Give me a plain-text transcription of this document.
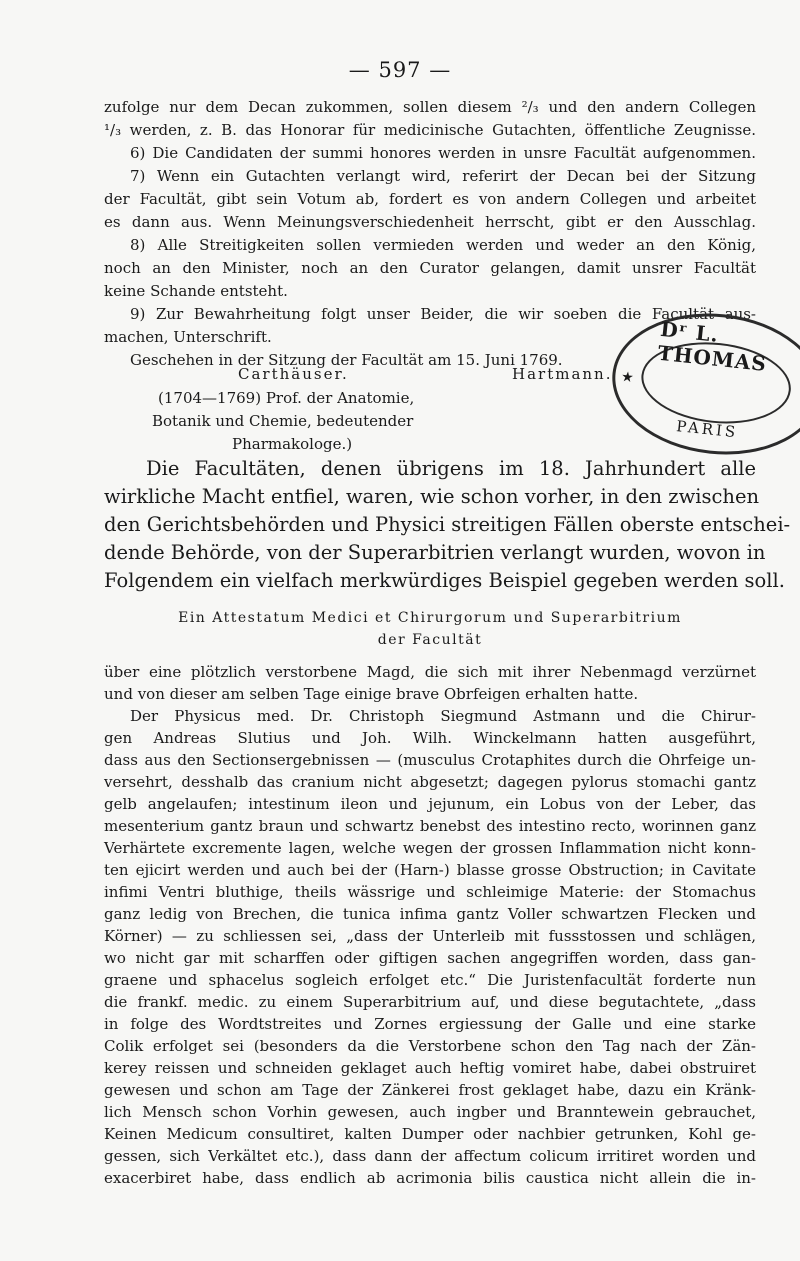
— 597 —
zufolge nur dem Decan zukommen, sollen diesem ²/₃ und den andern Collegen
¹/₃ werden, z. B. das Honorar für medicinische Gutachten, öffentliche Zeugnisse.
6) Die Candidaten der summi honores werden in unsre Facultät aufgenommen.
7) Wenn ein Gutachten verlangt wird, referirt der Decan bei der Sitzung
der Facultät, gibt sein Votum ab, fordert es von andern Collegen und arbeitet
es dann aus. Wenn Meinungsverschiedenheit herrscht, gibt er den Ausschlag.
8) Alle Streitigkeiten sollen vermieden werden und weder an den König,
noch an den Minister, noch an den Curator gelangen, damit unsrer Facultät
keine Schande entsteht.
9) Zur Bewahrheitung folgt unser Beider, die wir soeben die Facultät aus-
machen, Unterschrift.
Geschehen in der Sitzung der Facultät am 15. Juni 1769.
Carthäuser.	Hartmann.
(1704—1769) Prof. der Anatomie,
Botanik und Chemie, bedeutender
Pharmakologe.)
Dʳ L. THOMAS
★
PARIS
Die Facultäten, denen übrigens im 18. Jahrhundert alle
wirkliche Macht entfiel, waren, wie schon vorher, in den zwischen
den Gerichtsbehörden und Physici streitigen Fällen oberste entschei-
dende Behörde, von der Superarbitrien verlangt wurden, wovon in
Folgendem ein vielfach merkwürdiges Beispiel gegeben werden soll.
Ein Attestatum Medici et Chirurgorum und Superarbitrium
der Facultät
über eine plötzlich verstorbene Magd, die sich mit ihrer Nebenmagd verzürnet
und von dieser am selben Tage einige brave Obrfeigen erhalten hatte.
Der Physicus med. Dr. Christoph Siegmund Astmann und die Chirur-
gen Andreas Slutius und Joh. Wilh. Winckelmann hatten ausgeführt,
dass aus den Sectionsergebnissen — (musculus Crotaphites durch die Ohrfeige un-
versehrt, desshalb das cranium nicht abgesetzt; dagegen pylorus stomachi gantz
gelb angelaufen; intestinum ileon und jejunum, ein Lobus von der Leber, das
mesenterium gantz braun und schwartz benebst des intestino recto, worinnen ganz
Verhärtete excremente lagen, welche wegen der grossen Inflammation nicht konn-
ten ejicirt werden und auch bei der (Harn-) blasse grosse Obstruction; in Cavitate
infimi Ventri bluthige, theils wässrige und schleimige Materie: der Stomachus
ganz ledig von Brechen, die tunica infima gantz Voller schwartzen Flecken und
Körner) — zu schliessen sei, „dass der Unterleib mit fussstossen und schlägen,
wo nicht gar mit scharffen oder giftigen sachen angegriffen worden, dass gan-
graene und sphacelus sogleich erfolget etc.“ Die Juristenfacultät forderte nun
die frankf. medic. zu einem Superarbitrium auf, und diese begutachtete, „dass
in folge des Wordtstreites und Zornes ergiessung der Galle und eine starke
Colik erfolget sei (besonders da die Verstorbene schon den Tag nach der Zän-
kerey reissen und schneiden geklaget auch heftig vomiret habe, dabei obstruiret
gewesen und schon am Tage der Zänkerei frost geklaget habe, dazu ein Kränk-
lich Mensch schon Vorhin gewesen, auch ingber und Branntewein gebrauchet,
Keinen Medicum consultiret, kalten Dumper oder nachbier getrunken, Kohl ge-
gessen, sich Verkältet etc.), dass dann der affectum colicum irritiret worden und
exacerbiret habe, dass endlich ab acrimonia bilis caustica nicht allein die in-
